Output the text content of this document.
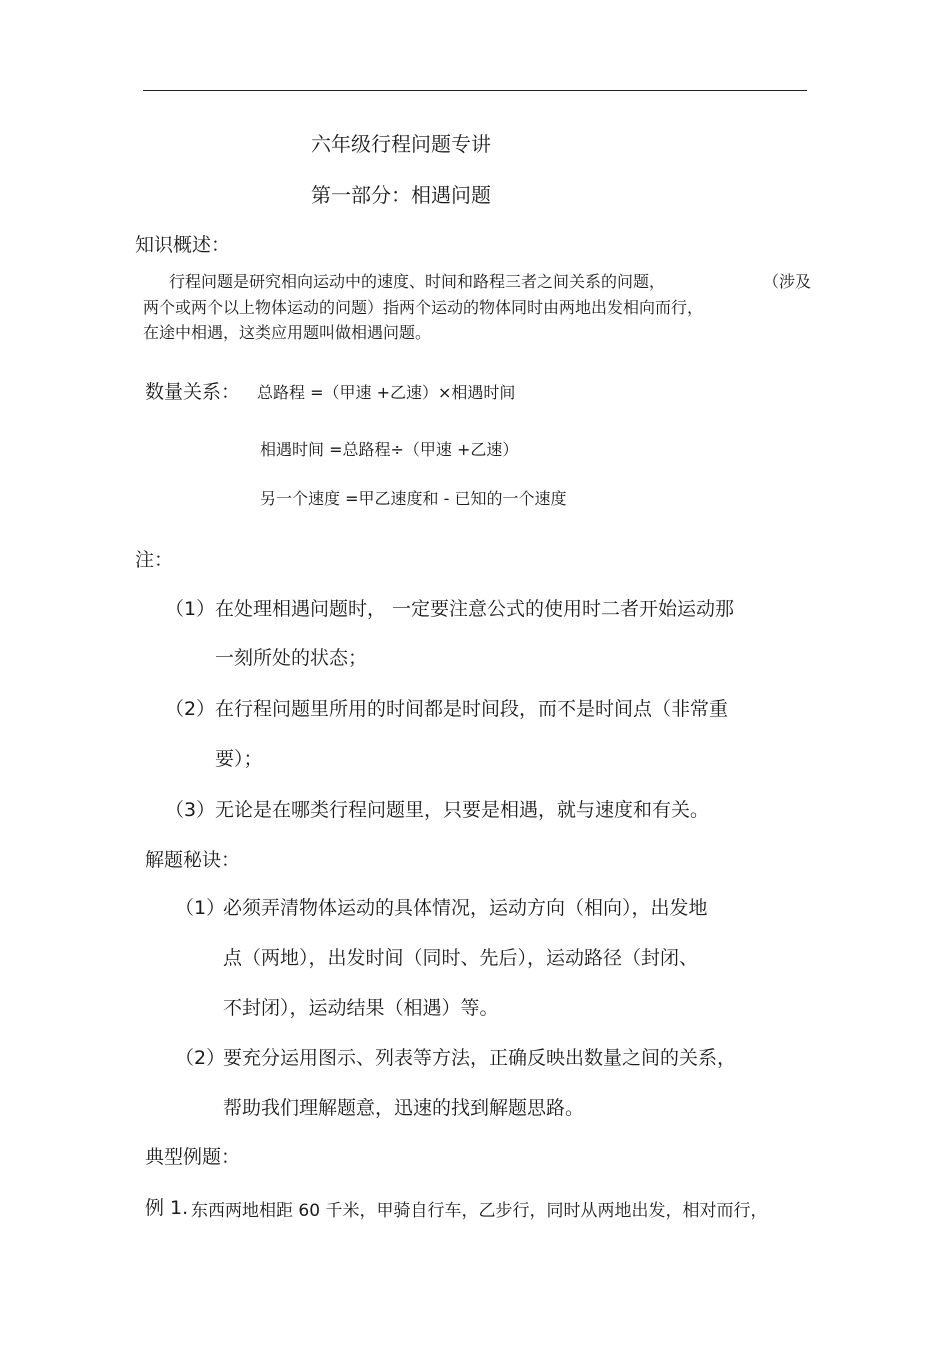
六年级行程问题专讲
第一部分：相遇问题
知识概述：
行程问题是研究相向运动中的速度、时间和路程三者之间关系的问题，	（涉及
两个或两个以上物体运动的问题）指两个运动的物体同时由两地出发相向而行，
在途中相遇，这类应用题叫做相遇问题。
数量关系： 总路程 =（甲速 +乙速）×相遇时间
相遇时间 =总路程÷（甲速 +乙速）
另一个速度 =甲乙速度和 - 已知的一个速度
注：
（1） 在处理相遇问题时， 一定要注意公式的使用时二者开始运动那
一刻所处的状态；
（2） 在行程问题里所用的时间都是时间段，而不是时间点（非常重
要）；
（3） 无论是在哪类行程问题里，只要是相遇，就与速度和有关。
解题秘诀：
（1）
必须弄清物体运动的具体情况，运动方向（相向），出发地
点（两地），出发时间（同时、先后），运动路径（封闭、
不封闭），运动结果（相遇）等。
（2）
要充分运用图示、列表等方法，正确反映出数量之间的关系，
帮助我们理解题意，迅速的找到解题思路。
典型例题：
例 1. 东西两地相距 60 千米，甲骑自行车，乙步行，同时从两地出发，相对而行，
